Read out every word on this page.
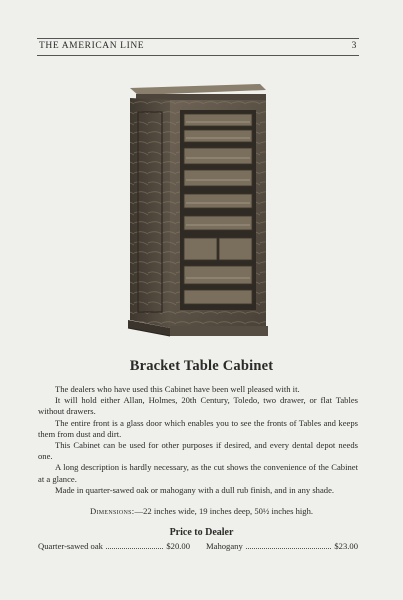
THE AMERICAN LINE	3
Bracket Table Cabinet

The dealers who have used this Cabinet have been well pleased with it.

It will hold either Allan, Holmes, 20th Century, Toledo, two drawer, or flat Tables without drawers.

The entire front is a glass door which enables you to see the fronts of Tables and keeps them from dust and dirt.

This Cabinet can be used for other purposes if desired, and every dental depot needs one.

A long description is hardly necessary, as the cut shows the convenience of the Cabinet at a glance.

Made in quarter-sawed oak or mahogany with a dull rub finish, and in any shade.

Dimensions:—22 inches wide, 19 inches deep, 50½ inches high.
Price to Dealer
Quarter-sawed oak	$20.00 Mahogany	$23.00
